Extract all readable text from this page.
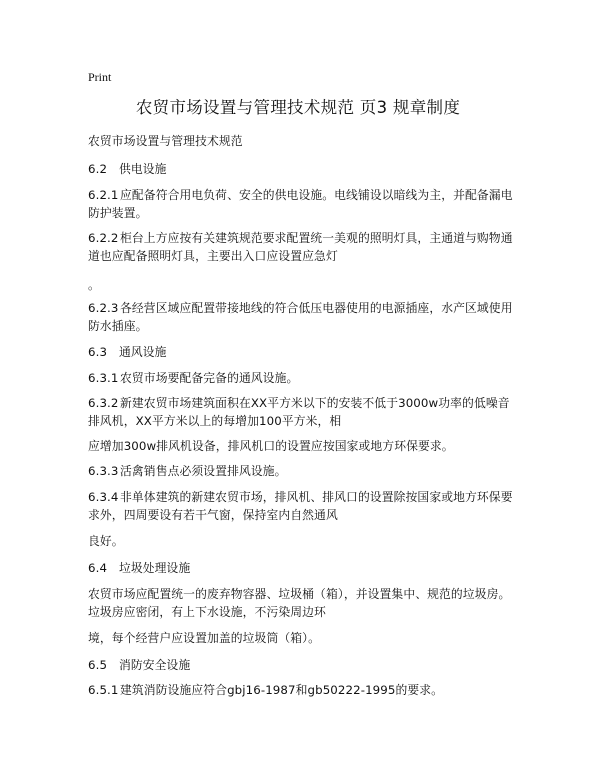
Print
农贸市场设置与管理技术规范 页3 规章制度
农贸市场设置与管理技术规范
6.2　供电设施
6.2.1应配备符合用电负荷、安全的供电设施。电线铺设以暗线为主，并配备漏电
防护装置。
6.2.2柜台上方应按有关建筑规范要求配置统一美观的照明灯具，主通道与购物通
道也应配备照明灯具，主要出入口应设置应急灯
。
6.2.3各经营区域应配置带接地线的符合低压电器使用的电源插座，水产区域使用
防水插座。
6.3　通风设施
6.3.1农贸市场要配备完备的通风设施。
6.3.2新建农贸市场建筑面积在XX平方米以下的安装不低于3000w功率的低噪音
排风机，XX平方米以上的每增加100平方米，相
应增加300w排风机设备，排风机口的设置应按国家或地方环保要求。
6.3.3活禽销售点必须设置排风设施。
6.3.4非单体建筑的新建农贸市场，排风机、排风口的设置除按国家或地方环保要
求外，四周要设有若干气窗，保持室内自然通风
良好。
6.4　垃圾处理设施
农贸市场应配置统一的废弃物容器、垃圾桶（箱），并设置集中、规范的垃圾房。
垃圾房应密闭，有上下水设施，不污染周边环
境，每个经营户应设置加盖的垃圾筒（箱）。
6.5　消防安全设施
6.5.1建筑消防设施应符合gbj16-1987和gb50222-1995的要求。
